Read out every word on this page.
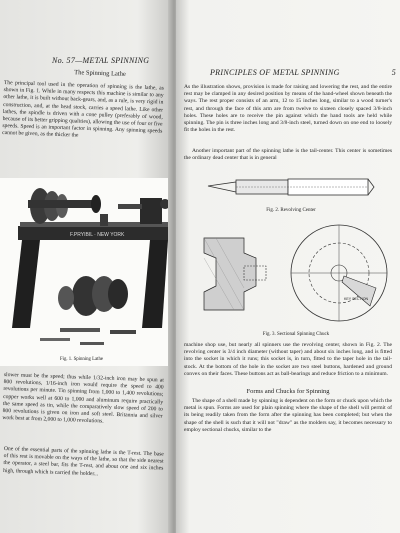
No. 57—METAL SPINNING
The Spinning Lathe
The principal tool used in the operation of spinning is the lathe, as shown in Fig. 1. While in many respects this machine is similar to any other lathe, it is built without back-gears, and, as a rule, is very rigid in construction, and, at the head stock, carries a speed lathe. Like other lathes, the spindle is driven with a cone pulley (preferably of wood, because of its better gripping qualities), allowing the use of four or five speeds. Speed is an important factor in spinning. Any spinning speeds cannot be given, as the thicker the
F.PRYIBIL · NEW YORK
Fig. 1. Spinning Lathe
slower must be the speed; thus while 1/32-inch iron may be spun at 800 revolutions, 1/16-inch iron would require the speed to 400 revolutions per minute. Tin spinning from 1,000 to 1,400 revolutions; copper works well at 600 to 1,000 and aluminum require practically the same speed as tin, while the comparatively slow speed of 200 to 800 revolutions is given on iron and soft steel. Britannia and silver work best at from 2,000 to 1,000 revolutions.
One of the essential parts of the spinning lathe is the T-rest. The base of this rest is movable on the ways of the lathe, so that the side nearest the operator, a steel bar, fits the T-rest, and about one and six inches high, through which is carried the holder...
PRINCIPLES OF METAL SPINNING	5
As the illustration shows, provision is made for raising and lowering the rest, and the entire rest may be clamped in any desired position by means of the hand-wheel shown beneath the ways. The rest proper consists of an arm, 12 to 15 inches long, similar to a wood turner's rest, and through the face of this arm are from twelve to sixteen closely spaced 3/8-inch holes. These holes are to receive the pin against which the hand tools are held while spinning. The pin is three inches long and 3/8-inch steel, turned down on one end to loosely fit the holes in the rest.
Another important part of the spinning lathe is the tail-center. This center is sometimes the ordinary dead center that is in general
Fig. 2. Revolving Center
KEY SECTION
Fig. 3. Sectional Spinning Chuck
machine shop use, but nearly all spinners use the revolving center, shown in Fig. 2. The revolving center is 3/4 inch diameter (without taper) and about six inches long, and is fitted into the socket in which it runs; this socket is, in turn, fitted to the taper hole in the tail-stock. At the bottom of the hole in the socket are two steel buttons, hardened and ground convex on their faces. These buttons act as ball-bearings and reduce friction to a minimum.
Forms and Chucks for Spinning
The shape of a shell made by spinning is dependent on the form or chuck upon which the metal is spun. Forms are used for plain spinning where the shape of the shell will permit of its being readily taken from the form after the spinning has been completed; but when the shape of the shell is such that it will not "draw" as the molders say, it becomes necessary to employ sectional chucks, similar to the
